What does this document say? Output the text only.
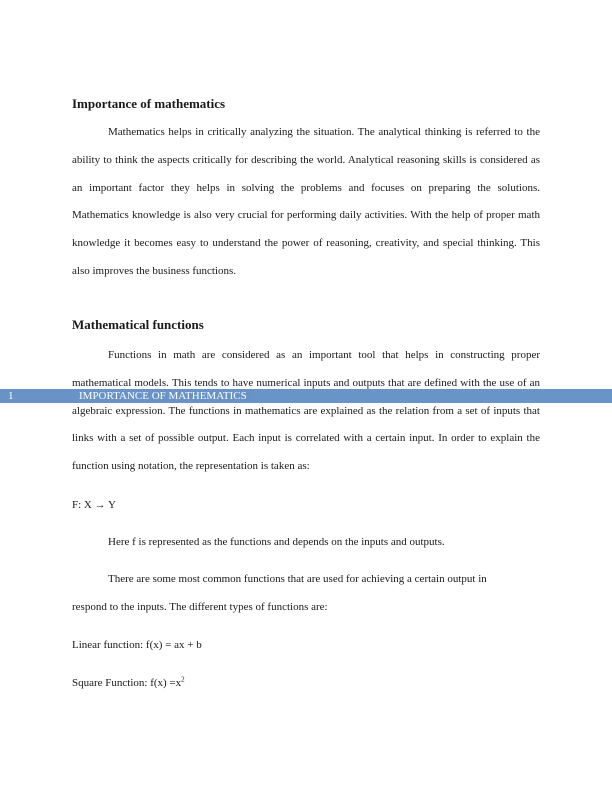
Importance of mathematics

Mathematics helps in critically analyzing the situation. The analytical thinking is referred to the ability to think the aspects critically for describing the world. Analytical reasoning skills is considered as an important factor they helps in solving the problems and focuses on preparing the solutions. Mathematics knowledge is also very crucial for performing daily activities. With the help of proper math knowledge it becomes easy to understand the power of reasoning, creativity, and special thinking. This also improves the business functions.

Mathematical functions

Functions in math are considered as an important tool that helps in constructing proper mathematical models. This tends to have numerical inputs and outputs that are defined with the use of an algebraic expression. The functions in mathematics are explained as the relation from a set of inputs that links with a set of possible output. Each input is correlated with a certain input. In order to explain the function using notation, the representation is taken as:

F: X → Y

Here f is represented as the functions and depends on the inputs and outputs.

There are some most common functions that are used for achieving a certain output in

respond to the inputs. The different types of functions are:

Linear function: f(x) = ax + b

Square Function: $f(x) =x^2$

1	IMPORTANCE OF MATHEMATICS
